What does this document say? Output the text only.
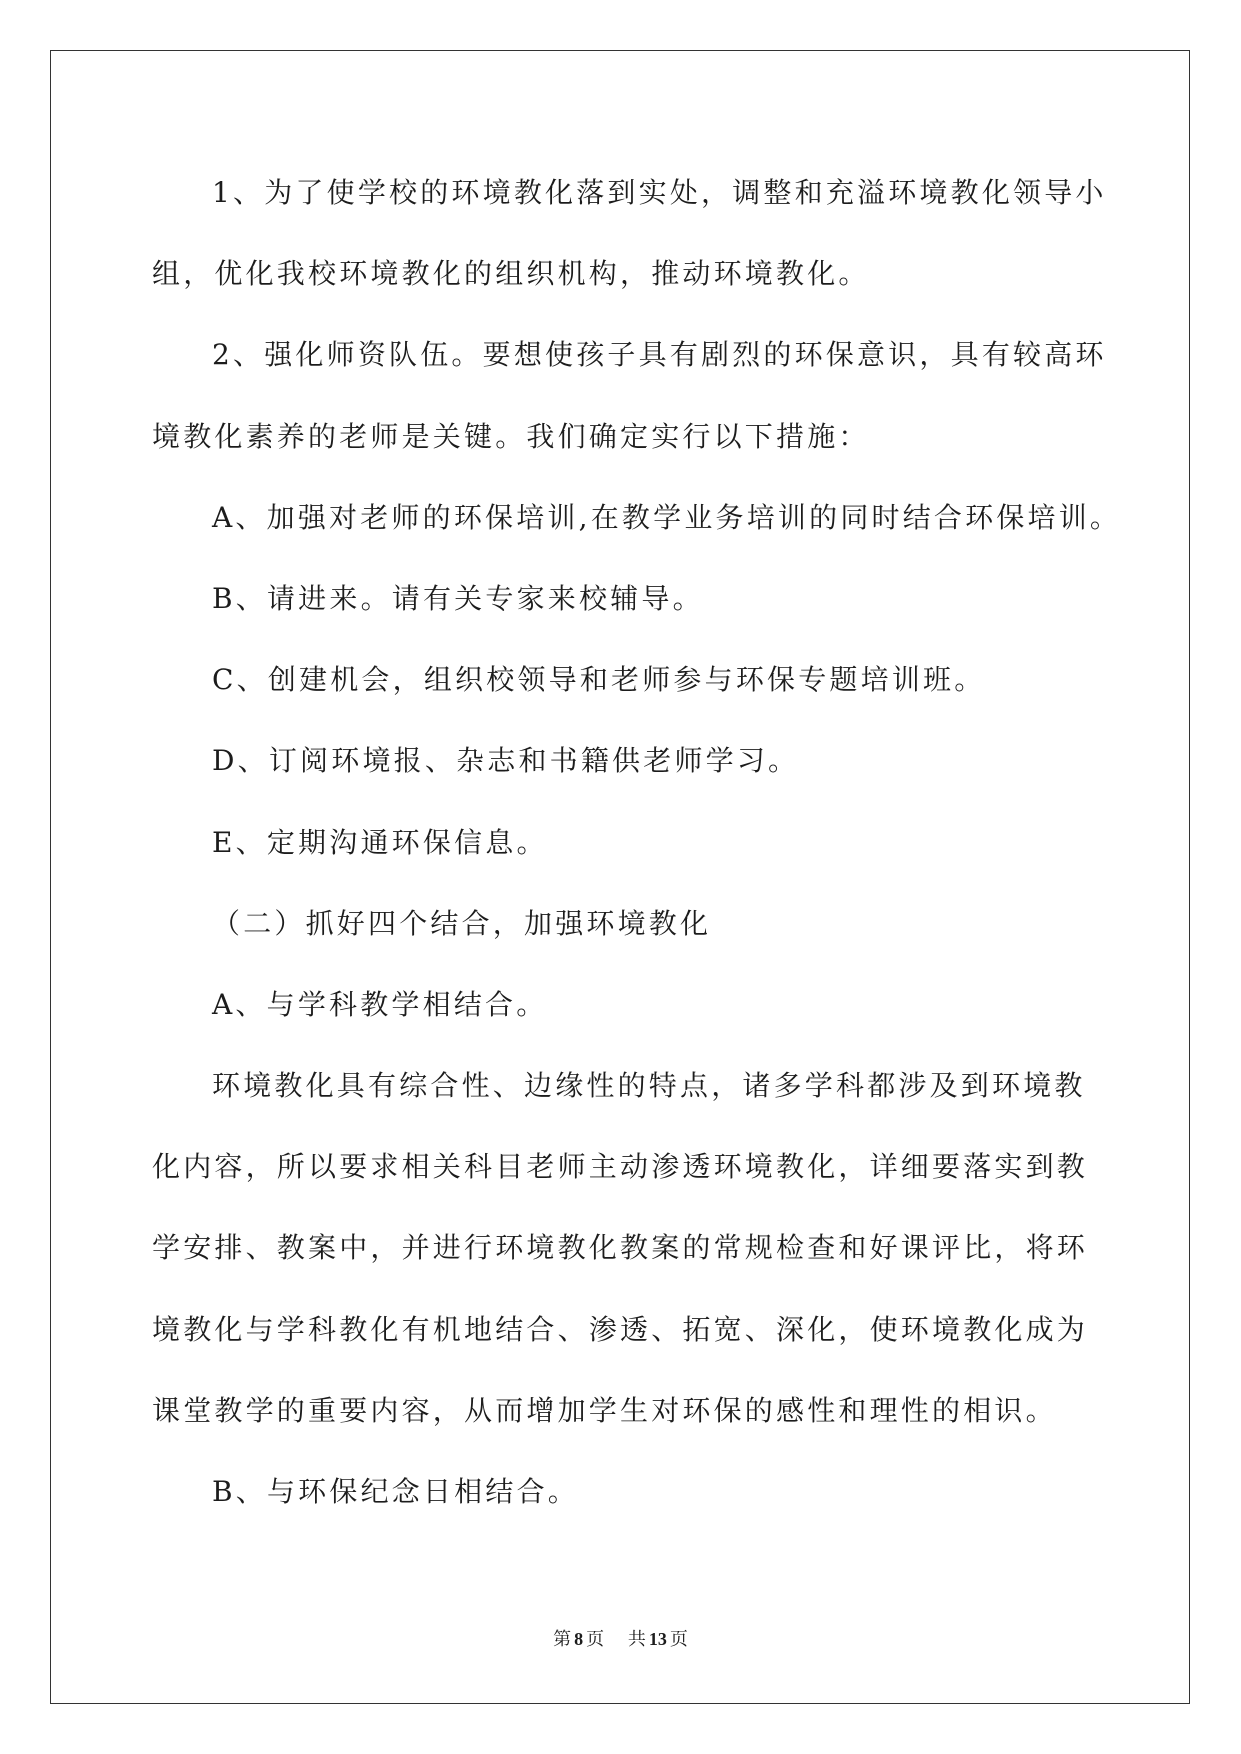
1、为了使学校的环境教化落到实处，调整和充溢环境教化领导小
组，优化我校环境教化的组织机构，推动环境教化。
2、强化师资队伍。要想使孩子具有剧烈的环保意识，具有较高环
境教化素养的老师是关键。我们确定实行以下措施：
A、加强对老师的环保培训,在教学业务培训的同时结合环保培训。
B、请进来。请有关专家来校辅导。
C、创建机会，组织校领导和老师参与环保专题培训班。
D、订阅环境报、杂志和书籍供老师学习。
E、定期沟通环保信息。
（二）抓好四个结合，加强环境教化
A、与学科教学相结合。
环境教化具有综合性、边缘性的特点，诸多学科都涉及到环境教
化内容，所以要求相关科目老师主动渗透环境教化，详细要落实到教
学安排、教案中，并进行环境教化教案的常规检查和好课评比，将环
境教化与学科教化有机地结合、渗透、拓宽、深化，使环境教化成为
课堂教学的重要内容，从而增加学生对环保的感性和理性的相识。
B、与环保纪念日相结合。
第 8 页 共 13 页
